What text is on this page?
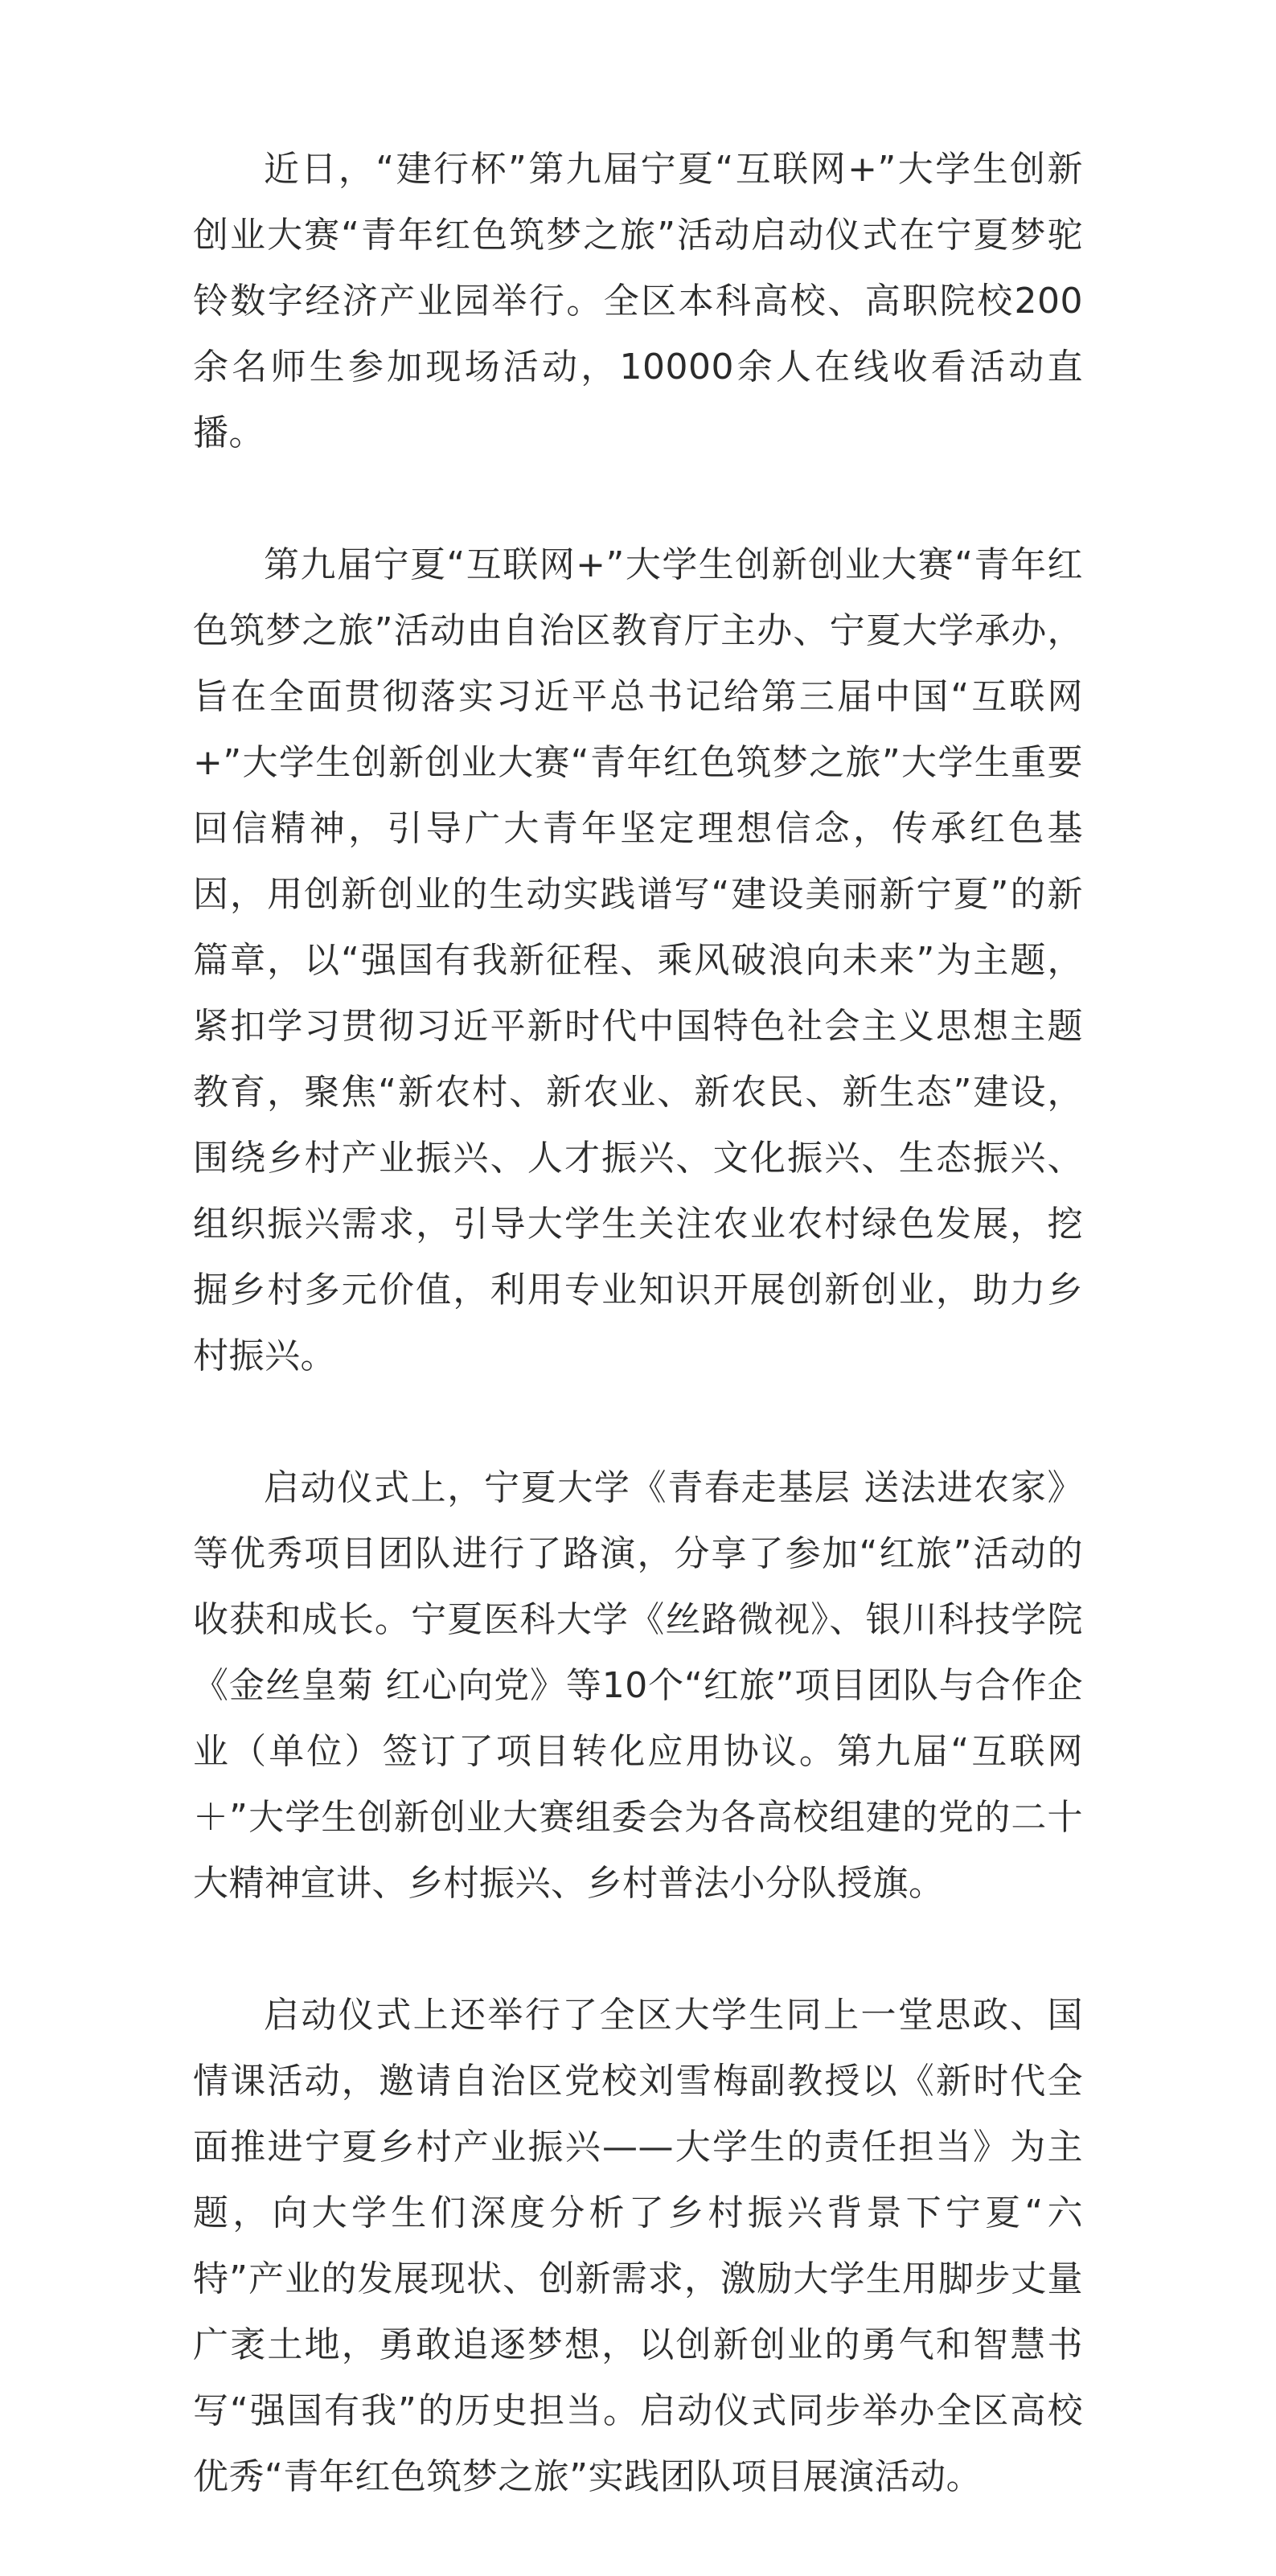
近日，“建行杯”第九届宁夏“互联网+”大学生创新创业大赛“青年红色筑梦之旅”活动启动仪式在宁夏梦驼铃数字经济产业园举行。全区本科高校、高职院校200余名师生参加现场活动，10000余人在线收看活动直播。

第九届宁夏“互联网+”大学生创新创业大赛“青年红色筑梦之旅”活动由自治区教育厅主办、宁夏大学承办，旨在全面贯彻落实习近平总书记给第三届中国“互联网+”大学生创新创业大赛“青年红色筑梦之旅”大学生重要回信精神，引导广大青年坚定理想信念，传承红色基因，用创新创业的生动实践谱写“建设美丽新宁夏”的新篇章，以“强国有我新征程、乘风破浪向未来”为主题，紧扣学习贯彻习近平新时代中国特色社会主义思想主题教育，聚焦“新农村、新农业、新农民、新生态”建设，围绕乡村产业振兴、人才振兴、文化振兴、生态振兴、组织振兴需求，引导大学生关注农业农村绿色发展，挖掘乡村多元价值，利用专业知识开展创新创业，助力乡村振兴。

启动仪式上，宁夏大学《青春走基层 送法进农家》等优秀项目团队进行了路演，分享了参加“红旅”活动的收获和成长。宁夏医科大学《丝路微视》、银川科技学院《金丝皇菊 红心向党》等10个“红旅”项目团队与合作企业（单位）签订了项目转化应用协议。第九届“互联网＋”大学生创新创业大赛组委会为各高校组建的党的二十大精神宣讲、乡村振兴、乡村普法小分队授旗。

启动仪式上还举行了全区大学生同上一堂思政、国情课活动，邀请自治区党校刘雪梅副教授以《新时代全面推进宁夏乡村产业振兴——大学生的责任担当》为主题，向大学生们深度分析了乡村振兴背景下宁夏“六特”产业的发展现状、创新需求，激励大学生用脚步丈量广袤土地，勇敢追逐梦想，以创新创业的勇气和智慧书写“强国有我”的历史担当。启动仪式同步举办全区高校优秀“青年红色筑梦之旅”实践团队项目展演活动。
